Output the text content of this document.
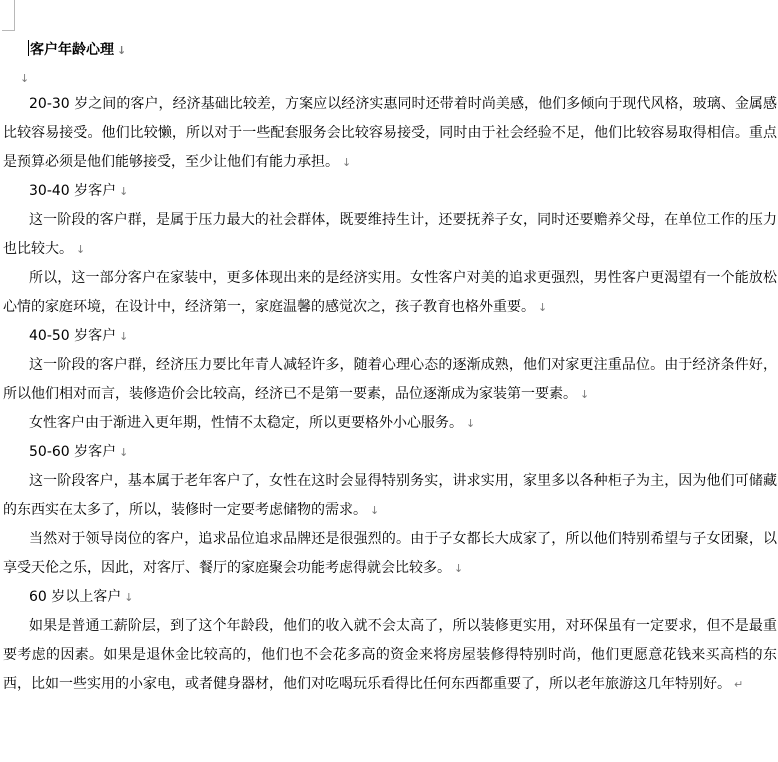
客户年龄心理 ↓
↓
20-30 岁之间的客户，经济基础比较差，方案应以经济实惠同时还带着时尚美感，他们多倾向于现代风格，玻璃、金属感比较容易接受。他们比较懒，所以对于一些配套服务会比较容易接受，同时由于社会经验不足，他们比较容易取得相信。重点是预算必须是他们能够接受，至少让他们有能力承担。 ↓
30-40 岁客户 ↓
这一阶段的客户群，是属于压力最大的社会群体，既要维持生计，还要抚养子女，同时还要赡养父母，在单位工作的压力也比较大。 ↓
所以，这一部分客户在家装中，更多体现出来的是经济实用。女性客户对美的追求更强烈，男性客户更渴望有一个能放松心情的家庭环境，在设计中，经济第一，家庭温馨的感觉次之，孩子教育也格外重要。 ↓
40-50 岁客户 ↓
这一阶段的客户群，经济压力要比年青人减轻许多，随着心理心态的逐渐成熟，他们对家更注重品位。由于经济条件好，所以他们相对而言，装修造价会比较高，经济已不是第一要素，品位逐渐成为家装第一要素。 ↓
女性客户由于渐进入更年期，性情不太稳定，所以更要格外小心服务。 ↓
50-60 岁客户 ↓
这一阶段客户，基本属于老年客户了，女性在这时会显得特别务实，讲求实用，家里多以各种柜子为主，因为他们可储藏的东西实在太多了，所以，装修时一定要考虑储物的需求。 ↓
当然对于领导岗位的客户，追求品位追求品牌还是很强烈的。由于子女都长大成家了，所以他们特别希望与子女团聚，以享受天伦之乐，因此，对客厅、餐厅的家庭聚会功能考虑得就会比较多。 ↓
60 岁以上客户 ↓
如果是普通工薪阶层，到了这个年龄段，他们的收入就不会太高了，所以装修更实用，对环保虽有一定要求，但不是最重要考虑的因素。如果是退休金比较高的，他们也不会花多高的资金来将房屋装修得特别时尚，他们更愿意花钱来买高档的东西，比如一些实用的小家电，或者健身器材，他们对吃喝玩乐看得比任何东西都重要了，所以老年旅游这几年特别好。 ↵
